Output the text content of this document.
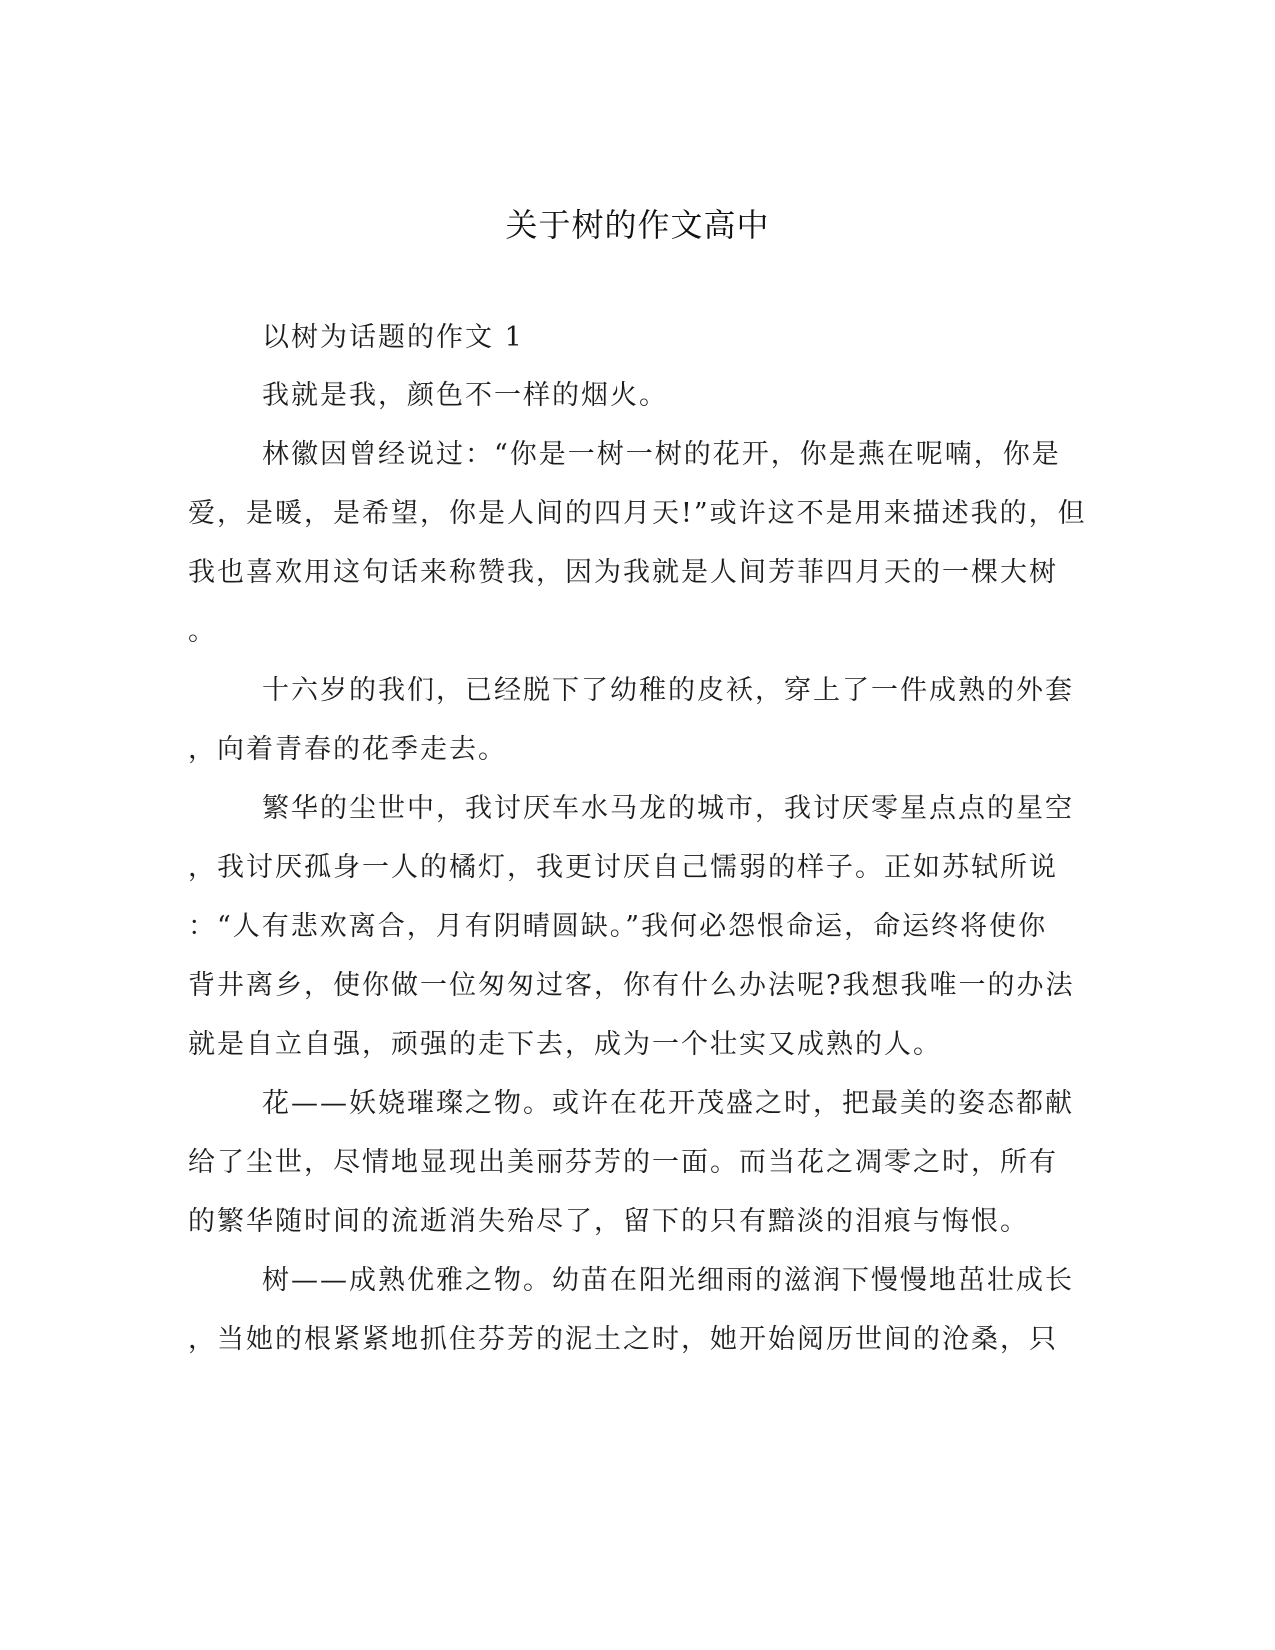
关于树的作文高中
以树为话题的作文 1
我就是我，颜色不一样的烟火。
林徽因曾经说过：“你是一树一树的花开，你是燕在呢喃，你是
爱，是暖，是希望，你是人间的四月天!”或许这不是用来描述我的，但
我也喜欢用这句话来称赞我，因为我就是人间芳菲四月天的一棵大树
。
十六岁的我们，已经脱下了幼稚的皮袄，穿上了一件成熟的外套
，向着青春的花季走去。
繁华的尘世中，我讨厌车水马龙的城市，我讨厌零星点点的星空
，我讨厌孤身一人的橘灯，我更讨厌自己懦弱的样子。正如苏轼所说
：“人有悲欢离合，月有阴晴圆缺。”我何必怨恨命运，命运终将使你
背井离乡，使你做一位匆匆过客，你有什么办法呢?我想我唯一的办法
就是自立自强，顽强的走下去，成为一个壮实又成熟的人。
花——妖娆璀璨之物。或许在花开茂盛之时，把最美的姿态都献
给了尘世，尽情地显现出美丽芬芳的一面。而当花之凋零之时，所有
的繁华随时间的流逝消失殆尽了，留下的只有黯淡的泪痕与悔恨。
树——成熟优雅之物。幼苗在阳光细雨的滋润下慢慢地茁壮成长
，当她的根紧紧地抓住芬芳的泥土之时，她开始阅历世间的沧桑，只
